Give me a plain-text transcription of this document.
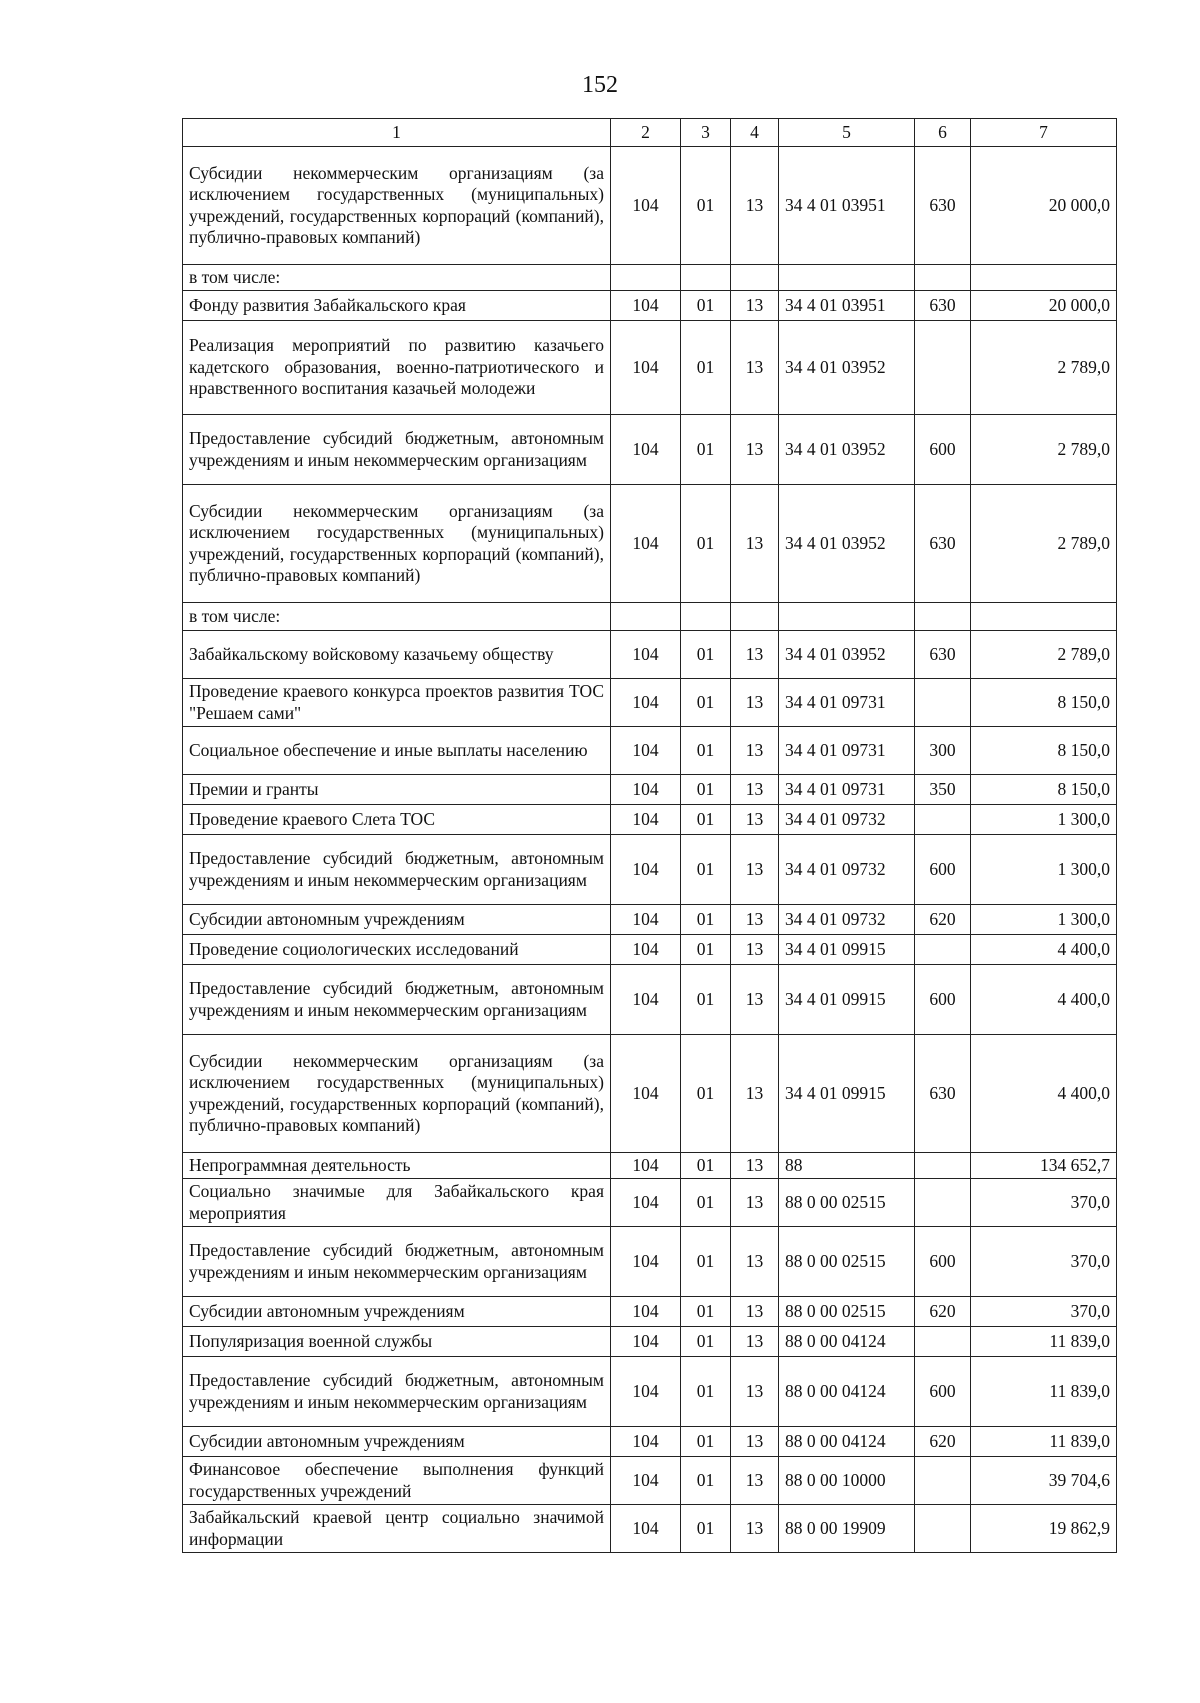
152
1	2	3	4	5	6	7
Субсидии некоммерческим организациям (за исключением государственных (муниципальных) учреждений, государственных корпораций (компаний), публично-правовых компаний)	104	01	13	34 4 01 03951	630	20 000,0
в том числе:						
Фонду развития Забайкальского края	104	01	13	34 4 01 03951	630	20 000,0
Реализация мероприятий по развитию казачьего кадетского образования, военно-патриотического и нравственного воспитания казачьей молодежи	104	01	13	34 4 01 03952		2 789,0
Предоставление субсидий бюджетным, автономным учреждениям и иным некоммерческим организациям	104	01	13	34 4 01 03952	600	2 789,0
Субсидии некоммерческим организациям (за исключением государственных (муниципальных) учреждений, государственных корпораций (компаний), публично-правовых компаний)	104	01	13	34 4 01 03952	630	2 789,0
в том числе:						
Забайкальскому войсковому казачьему обществу	104	01	13	34 4 01 03952	630	2 789,0
Проведение краевого конкурса проектов развития ТОС "Решаем сами"	104	01	13	34 4 01 09731		8 150,0
Социальное обеспечение и иные выплаты населению	104	01	13	34 4 01 09731	300	8 150,0
Премии и гранты	104	01	13	34 4 01 09731	350	8 150,0
Проведение краевого Слета ТОС	104	01	13	34 4 01 09732		1 300,0
Предоставление субсидий бюджетным, автономным учреждениям и иным некоммерческим организациям	104	01	13	34 4 01 09732	600	1 300,0
Субсидии автономным учреждениям	104	01	13	34 4 01 09732	620	1 300,0
Проведение социологических исследований	104	01	13	34 4 01 09915		4 400,0
Предоставление субсидий бюджетным, автономным учреждениям и иным некоммерческим организациям	104	01	13	34 4 01 09915	600	4 400,0
Субсидии некоммерческим организациям (за исключением государственных (муниципальных) учреждений, государственных корпораций (компаний), публично-правовых компаний)	104	01	13	34 4 01 09915	630	4 400,0
Непрограммная деятельность	104	01	13	88		134 652,7
Социально значимые для Забайкальского края мероприятия	104	01	13	88 0 00 02515		370,0
Предоставление субсидий бюджетным, автономным учреждениям и иным некоммерческим организациям	104	01	13	88 0 00 02515	600	370,0
Субсидии автономным учреждениям	104	01	13	88 0 00 02515	620	370,0
Популяризация военной службы	104	01	13	88 0 00 04124		11 839,0
Предоставление субсидий бюджетным, автономным учреждениям и иным некоммерческим организациям	104	01	13	88 0 00 04124	600	11 839,0
Субсидии автономным учреждениям	104	01	13	88 0 00 04124	620	11 839,0
Финансовое обеспечение выполнения функций государственных учреждений	104	01	13	88 0 00 10000		39 704,6
Забайкальский краевой центр социально значимой информации	104	01	13	88 0 00 19909		19 862,9
